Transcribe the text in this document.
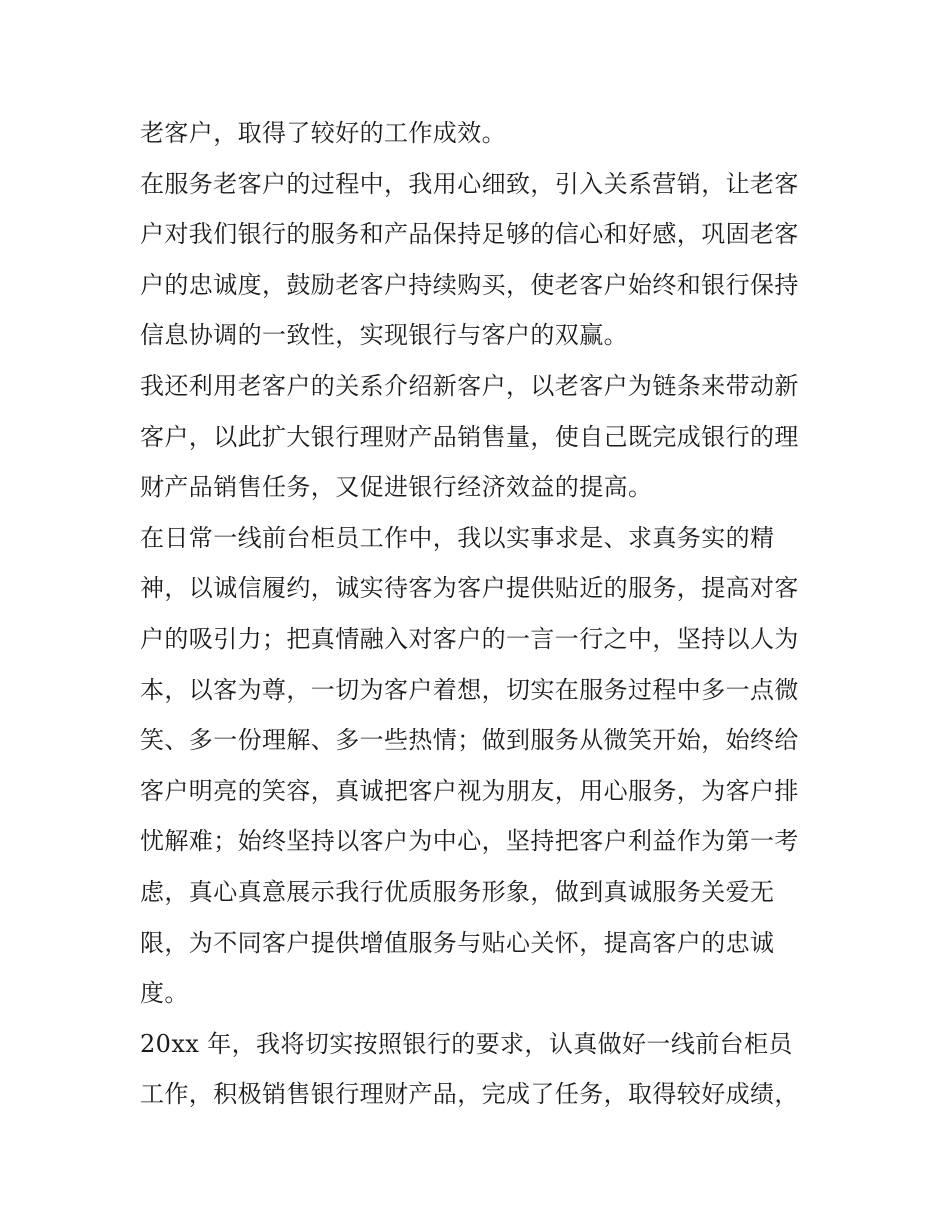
老客户，取得了较好的工作成效。
在服务老客户的过程中，我用心细致，引入关系营销，让老客
户对我们银行的服务和产品保持足够的信心和好感，巩固老客
户的忠诚度，鼓励老客户持续购买，使老客户始终和银行保持
信息协调的一致性，实现银行与客户的双赢。
我还利用老客户的关系介绍新客户，以老客户为链条来带动新
客户，以此扩大银行理财产品销售量，使自己既完成银行的理
财产品销售任务，又促进银行经济效益的提高。
在日常一线前台柜员工作中，我以实事求是、求真务实的精
神，以诚信履约，诚实待客为客户提供贴近的服务，提高对客
户的吸引力；把真情融入对客户的一言一行之中，坚持以人为
本，以客为尊，一切为客户着想，切实在服务过程中多一点微
笑、多一份理解、多一些热情；做到服务从微笑开始，始终给
客户明亮的笑容，真诚把客户视为朋友，用心服务，为客户排
忧解难；始终坚持以客户为中心，坚持把客户利益作为第一考
虑，真心真意展示我行优质服务形象，做到真诚服务关爱无
限，为不同客户提供增值服务与贴心关怀，提高客户的忠诚
度。
20xx 年，我将切实按照银行的要求，认真做好一线前台柜员
工作，积极销售银行理财产品，完成了任务，取得较好成绩，
